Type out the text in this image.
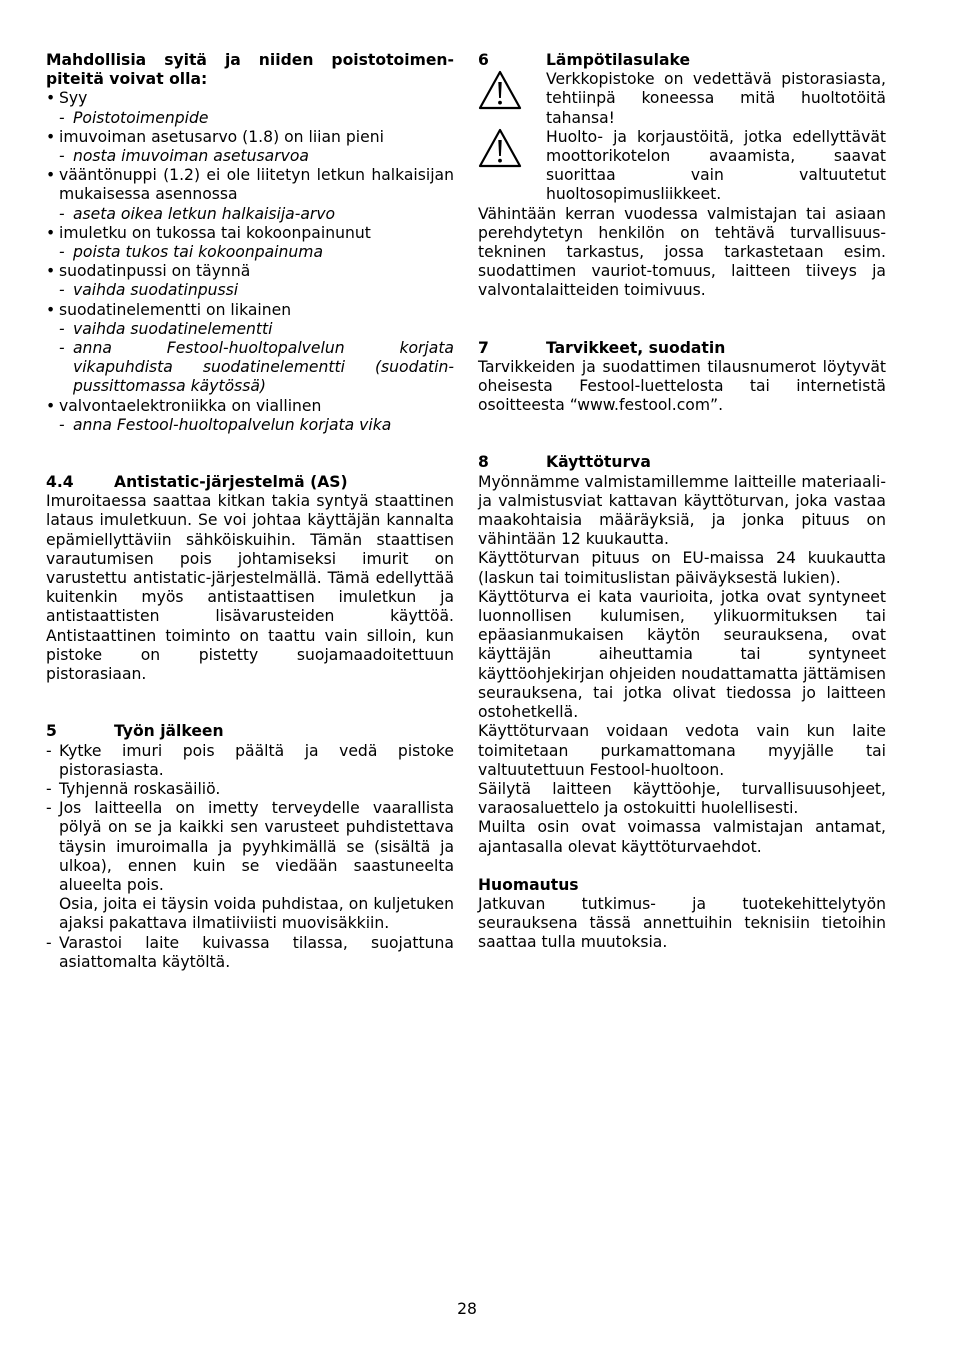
Mahdollisia syitä ja niiden poistotoimen-piteitä voivat olla:

• Syy
- Poistotoimenpide
• imuvoiman asetusarvo (1.8) on liian pieni
- nosta imuvoiman asetusarvoa
• vääntönuppi (1.2) ei ole liitetyn letkun halkaisijan mukaisessa asennossa
- aseta oikea letkun halkaisija-arvo
• imuletku on tukossa tai kokoonpainunut
- poista tukos tai kokoonpainuma
• suodatinpussi on täynnä
- vaihda suodatinpussi
• suodatinelementti on likainen
- vaihda suodatinelementti
- anna Festool-huoltopalvelun korjata vikapuhdista suodatinelementti (suodatin-pussittomassa käytössä)
• valvontaelektroniikka on viallinen
- anna Festool-huoltopalvelun korjata vika
4.4	Antistatic-järjestelmä (AS)

Imuroitaessa saattaa kitkan takia syntyä staattinen lataus imuletkuun. Se voi johtaa käyttäjän kannalta epämiellyttäviin sähköiskuihin. Tämän staattisen varautumisen pois johtamiseksi imurit on varustettu antistatic-järjestelmällä. Tämä edellyttää kuitenkin myös antistaattisen imuletkun ja antistaattisten lisävarusteiden käyttöä. Antistaattinen toiminto on taattu vain silloin, kun pistoke on pistetty suojamaadoitettuun pistorasiaan.

5	Työn jälkeen
- Kytke imuri pois päältä ja vedä pistoke pistorasiasta.
- Tyhjennä roskasäiliö.
- Jos laitteella on imetty terveydelle vaarallista pölyä on se ja kaikki sen varusteet puhdistettava täysin imuroimalla ja pyyhkimällä se (sisältä ja ulkoa), ennen kuin se viedään saastuneelta alueelta pois.
Osia, joita ei täysin voida puhdistaa, on kuljetuken ajaksi pakattava ilmatiiviisti muovisäkkiin.
- Varastoi laite kuivassa tilassa, suojattuna asiattomalta käytöltä.
6	Lämpötilasulake

Verkkopistoke on vedettävä pistorasiasta, tehtiinpä koneessa mitä huoltotöitä tahansa!

Huolto- ja korjaustöitä, jotka edellyttävät moottorikotelon avaamista, saavat suorittaa vain valtuutetut huoltosopimusliikkeet.

Vähintään kerran vuodessa valmistajan tai asiaan perehdytetyn henkilön on tehtävä turvallisuus-tekninen tarkastus, jossa tarkastetaan esim. suodattimen vauriot-tomuus, laitteen tiiveys ja valvontalaitteiden toimivuus.

7	Tarvikkeet, suodatin

Tarvikkeiden ja suodattimen tilausnumerot löytyvät oheisesta Festool-luettelosta tai internetistä osoitteesta “www.festool.com”.

8	Käyttöturva

Myönnämme valmistamillemme laitteille materiaali- ja valmistusviat kattavan käyttöturvan, joka vastaa maakohtaisia määräyksiä, ja jonka pituus on vähintään 12 kuukautta.

Käyttöturvan pituus on EU-maissa 24 kuukautta (laskun tai toimituslistan päiväyksestä lukien).

Käyttöturva ei kata vaurioita, jotka ovat syntyneet luonnollisen kulumisen, ylikuormituksen tai epäasianmukaisen käytön seurauksena, ovat käyttäjän aiheuttamia tai syntyneet käyttöohjekirjan ohjeiden noudattamatta jättämisen seurauksena, tai jotka olivat tiedossa jo laitteen ostohetkellä.

Käyttöturvaan voidaan vedota vain kun laite toimitetaan purkamattomana myyjälle tai valtuutettuun Festool-huoltoon.

Säilytä laitteen käyttöohje, turvallisuusohjeet, varaosaluettelo ja ostokuitti huolellisesti.

Muilta osin ovat voimassa valmistajan antamat, ajantasalla olevat käyttöturvaehdot.

Huomautus

Jatkuvan tutkimus- ja tuotekehittelytyön seurauksena tässä annettuihin teknisiin tietoihin saattaa tulla muutoksia.

28
